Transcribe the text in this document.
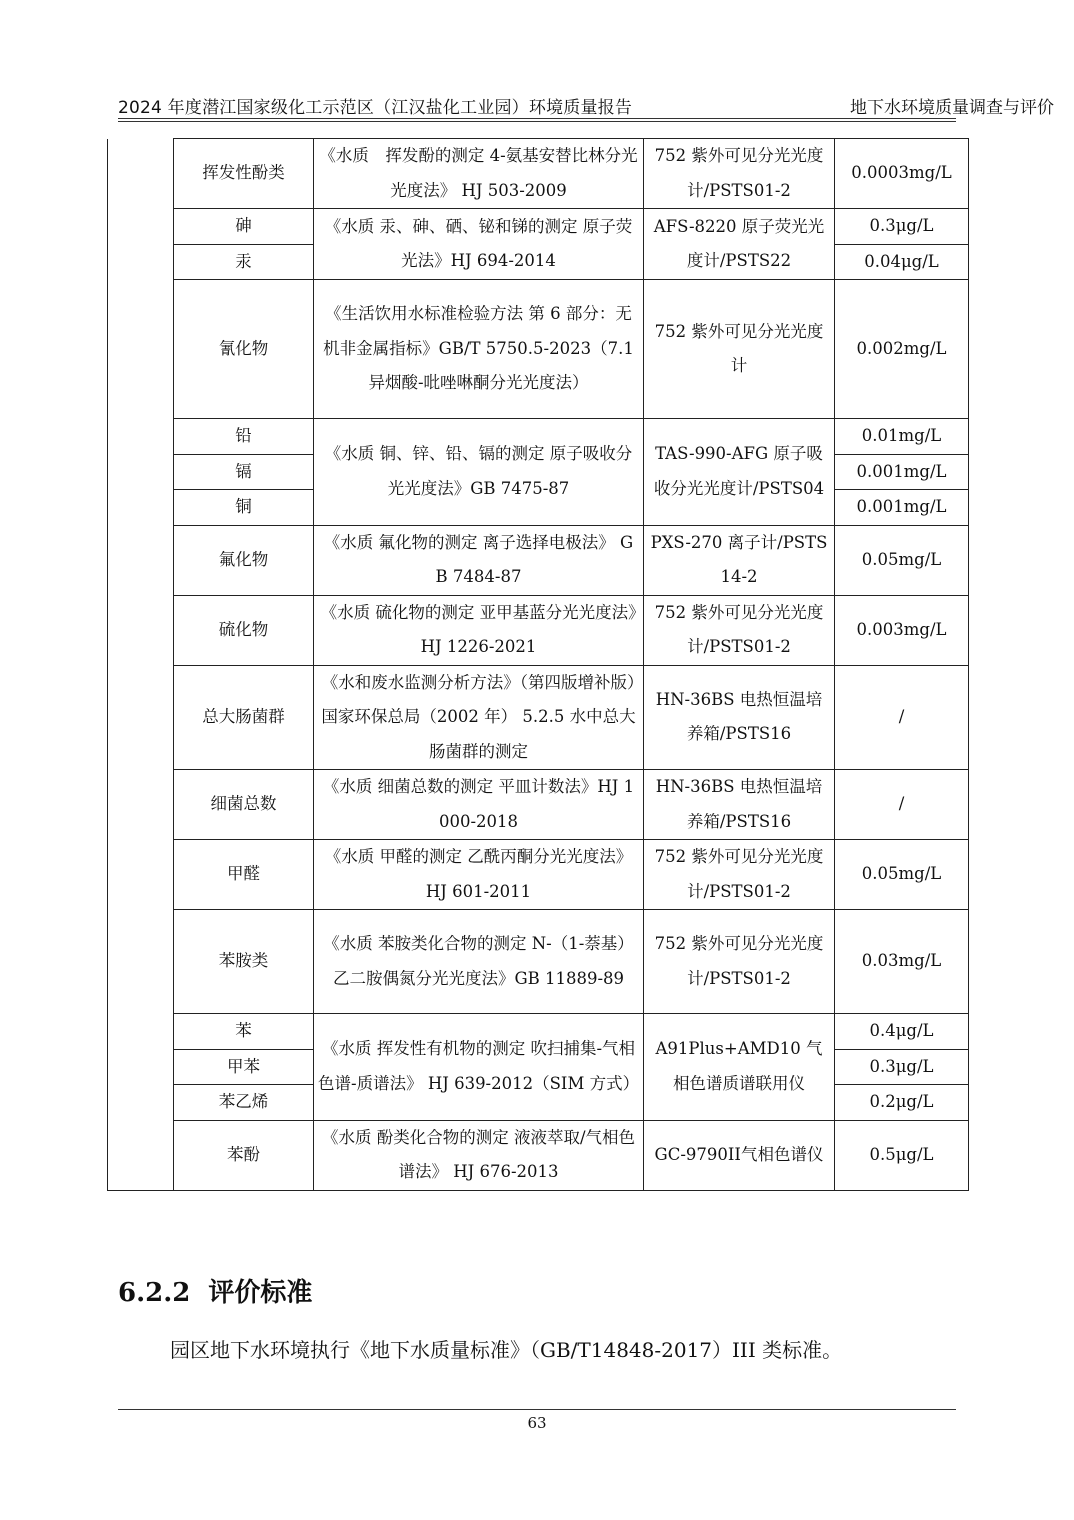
2024 年度潜江国家级化工示范区（江汉盐化工业园）环境质量报告	地下水环境质量调查与评价
	挥发性酚类	《水质　挥发酚的测定 4-氨基安替比林分光光度法》 HJ 503-2009	752 紫外可见分光光度计/PSTS01-2	0.0003mg/L
	砷	《水质 汞、砷、硒、铋和锑的测定 原子荧光法》HJ 694-2014	AFS-8220 原子荧光光度计/PSTS22	0.3μg/L
	汞			0.04μg/L
	氰化物	《生活饮用水标准检验方法 第 6 部分：无机非金属指标》GB/T 5750.5-2023（7.1 异烟酸-吡唑啉酮分光光度法）	752 紫外可见分光光度计	0.002mg/L
	铅	《水质 铜、锌、铅、镉的测定 原子吸收分光光度法》GB 7475-87	TAS-990-AFG 原子吸收分光光度计/PSTS04	0.01mg/L
	镉			0.001mg/L
	铜			0.001mg/L
	氟化物	《水质 氟化物的测定 离子选择电极法》 GB 7484-87	PXS-270 离子计/PSTS14-2	0.05mg/L
	硫化物	《水质 硫化物的测定 亚甲基蓝分光光度法》HJ 1226-2021	752 紫外可见分光光度计/PSTS01-2	0.003mg/L
	总大肠菌群	《水和废水监测分析方法》（第四版增补版）国家环保总局（2002 年） 5.2.5 水中总大肠菌群的测定	HN-36BS 电热恒温培养箱/PSTS16	/
	细菌总数	《水质 细菌总数的测定 平皿计数法》HJ 1000-2018	HN-36BS 电热恒温培养箱/PSTS16	/
	甲醛	《水质 甲醛的测定 乙酰丙酮分光光度法》 HJ 601-2011	752 紫外可见分光光度计/PSTS01-2	0.05mg/L
	苯胺类	《水质 苯胺类化合物的测定 N-（1-萘基）乙二胺偶氮分光光度法》GB 11889-89	752 紫外可见分光光度计/PSTS01-2	0.03mg/L
	苯	《水质 挥发性有机物的测定 吹扫捕集-气相色谱-质谱法》 HJ 639-2012（SIM 方式）	A91Plus+AMD10 气相色谱质谱联用仪	0.4μg/L
	甲苯			0.3μg/L
	苯乙烯			0.2μg/L
	苯酚	《水质 酚类化合物的测定 液液萃取/气相色谱法》 HJ 676-2013	GC-9790II气相色谱仪	0.5μg/L
6.2.2 评价标准
园区地下水环境执行《地下水质量标准》（GB/T14848-2017）III 类标准。
63
